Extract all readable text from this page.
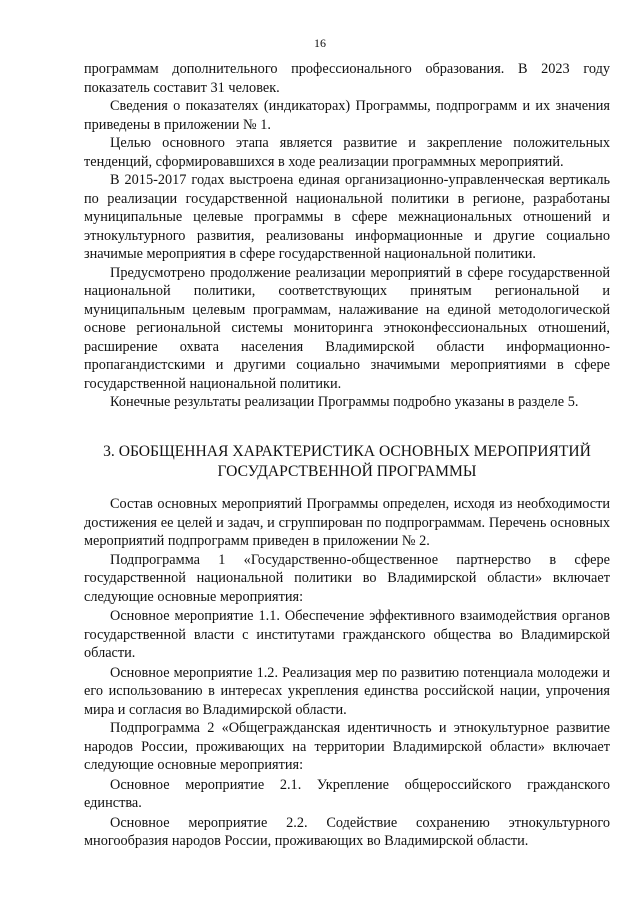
16

программам дополнительного профессионального образования. В 2023 году показатель составит 31 человек.

Сведения о показателях (индикаторах) Программы, подпрограмм и их значения приведены в приложении № 1.

Целью основного этапа является развитие и закрепление положительных тенденций, сформировавшихся в ходе реализации программных мероприятий.

В 2015-2017 годах выстроена единая организационно-управленческая вертикаль по реализации государственной национальной политики в регионе, разработаны муниципальные целевые программы в сфере межнациональных отношений и этнокультурного развития, реализованы информационные и другие социально значимые мероприятия в сфере государственной национальной политики.

Предусмотрено продолжение реализации мероприятий в сфере государственной национальной политики, соответствующих принятым региональной и муниципальным целевым программам, налаживание на единой методологической основе региональной системы мониторинга этноконфессиональных отношений, расширение охвата населения Владимирской области информационно-пропагандистскими и другими социально значимыми мероприятиями в сфере государственной национальной политики.

Конечные результаты реализации Программы подробно указаны в разделе 5.

3. ОБОБЩЕННАЯ ХАРАКТЕРИСТИКА ОСНОВНЫХ МЕРОПРИЯТИЙ
ГОСУДАРСТВЕННОЙ ПРОГРАММЫ

Состав основных мероприятий Программы определен, исходя из необходимости достижения ее целей и задач, и сгруппирован по подпрограммам. Перечень основных мероприятий подпрограмм приведен в приложении № 2.

Подпрограмма 1 «Государственно-общественное партнерство в сфере государственной национальной политики во Владимирской области» включает следующие основные мероприятия:

Основное мероприятие 1.1. Обеспечение эффективного взаимодействия органов государственной власти с институтами гражданского общества во Владимирской области.

Основное мероприятие 1.2. Реализация мер по развитию потенциала молодежи и его использованию в интересах укрепления единства российской нации, упрочения мира и согласия во Владимирской области.

Подпрограмма 2 «Общегражданская идентичность и этнокультурное развитие народов России, проживающих на территории Владимирской области» включает следующие основные мероприятия:

Основное мероприятие 2.1. Укрепление общероссийского гражданского единства.

Основное мероприятие 2.2. Содействие сохранению этнокультурного многообразия народов России, проживающих во Владимирской области.
